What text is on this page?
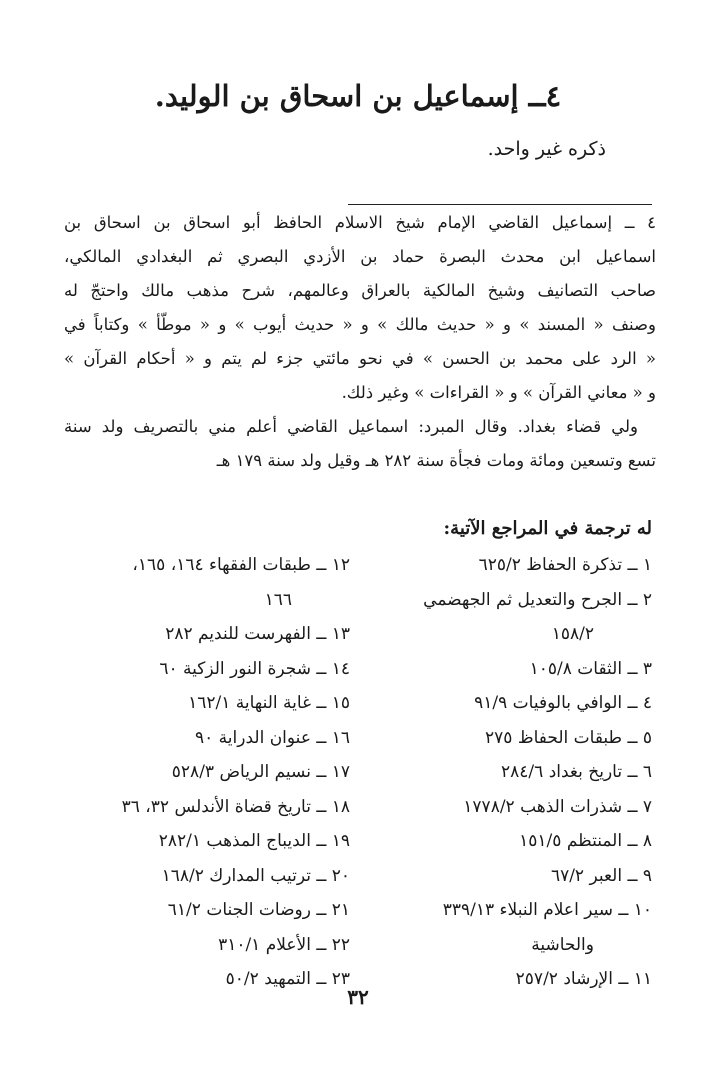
٤ــ إسماعيل بن اسحاق بن الوليد.

ذكره غير واحد.

٤ ــ إسماعيل القاضي الإمام شيخ الاسلام الحافظ أبو اسحاق بن اسحاق بن
اسماعيل ابن محدث البصرة حماد بن الأزدي البصري ثم البغدادي المالكي،
صاحب التصانيف وشيخ المالكية بالعراق وعالمهم، شرح مذهب مالك واحتجّ له
وصنف « المسند » و « حديث مالك » و « حديث أيوب » و « موطّأ » وكتاباً في
« الرد على محمد بن الحسن » في نحو مائتي جزء لم يتم و « أحكام القرآن »
و « معاني القرآن » و « القراءات » وغير ذلك.
ولي قضاء بغداد. وقال المبرد: اسماعيل القاضي أعلم مني بالتصريف ولد سنة
تسع وتسعين ومائة ومات فجأة سنة ٢٨٢ هـ وقيل ولد سنة ١٧٩ هـ
له ترجمة في المراجع الآتية:
١ ــ تذكرة الحفاظ ٦٢٥/٢
٢ ــ الجرح والتعديل ثم الجهضمي
١٥٨/٢
٣ ــ الثقات ١٠٥/٨
٤ ــ الوافي بالوفيات ٩١/٩
٥ ــ طبقات الحفاظ ٢٧٥
٦ ــ تاريخ بغداد ٢٨٤/٦
٧ ــ شذرات الذهب ١٧٧٨/٢
٨ ــ المنتظم ١٥١/٥
٩ ــ العبر ٦٧/٢
١٠ ــ سير اعلام النبلاء ٣٣٩/١٣
والحاشية
١١ ــ الإرشاد ٢٥٧/٢
١٢ ــ طبقات الفقهاء ١٦٤، ١٦٥،
١٦٦
١٣ ــ الفهرست للنديم ٢٨٢
١٤ ــ شجرة النور الزكية ٦٠
١٥ ــ غاية النهاية ١٦٢/١
١٦ ــ عنوان الدراية ٩٠
١٧ ــ نسيم الرياض ٥٢٨/٣
١٨ ــ تاريخ قضاة الأندلس ٣٢، ٣٦
١٩ ــ الديباج المذهب ٢٨٢/١
٢٠ ــ ترتيب المدارك ١٦٨/٢
٢١ ــ روضات الجنات ٦١/٢
٢٢ ــ الأعلام ٣١٠/١
٢٣ ــ التمهيد ٥٠/٢
٣٢
